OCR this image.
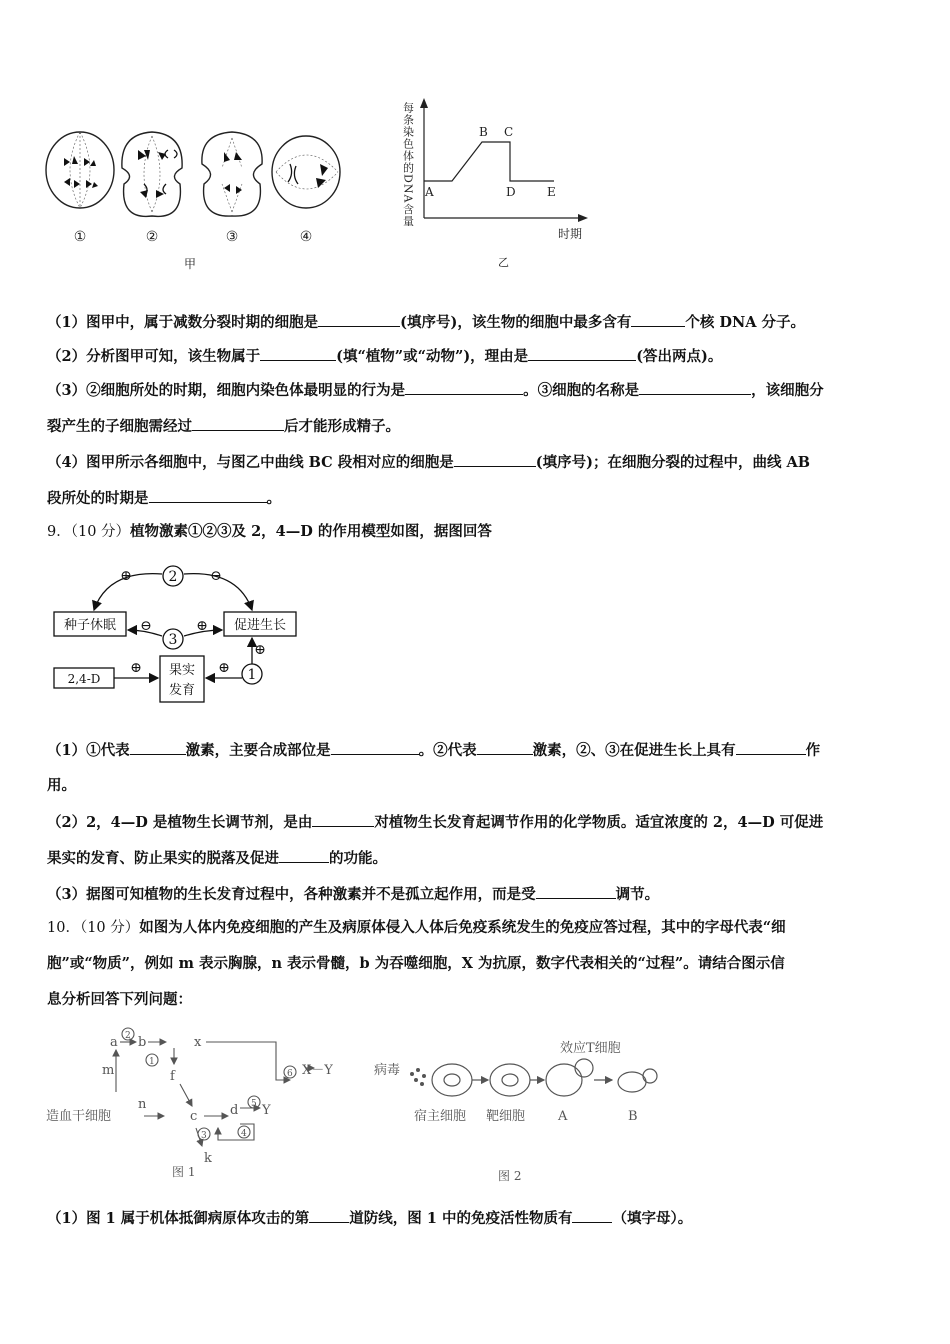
①	②	③	④
甲
每条染色体的DNA含量 A
B C
D	E
时期
乙
（1）图甲中，属于减数分裂时期的细胞是	(填序号)，该生物的细胞中最多含有	个核 DNA 分子。
（2）分析图甲可知，该生物属于	(填“植物”或“动物”)，理由是	(答出两点)。
（3）②细胞所处的时期，细胞内染色体最明显的行为是	。③细胞的名称是	，该细胞分
裂产生的子细胞需经过	后才能形成精子。
（4）图甲所示各细胞中，与图乙中曲线 BC 段相对应的细胞是	(填序号)；在细胞分裂的过程中，曲线 AB
段所处的时期是	。
9．（10 分）植物激素①②③及 2，4—D 的作用模型如图，据图回答
⊕	⊖
⊖	⊕
⊕	⊕
⊕
2
3
1
种子休眠	促进生长
2,4-D
果实
发育
（1）①代表	激素，主要合成部位是	。②代表	激素，②、③在促进生长上具有	作
用。
（2）2，4—D 是植物生长调节剂，是由	对植物生长发育起调节作用的化学物质。适宜浓度的 2，4—D 可促进
果实的发育、防止果实的脱落及促进	的功能。
（3）据图可知植物的生长发育过程中，各种激素并不是孤立起作用，而是受	调节。
10．（10 分）如图为人体内免疫细胞的产生及病原体侵入人体后免疫系统发生的免疫应答过程，其中的字母代表“细
胞”或“物质”，例如 m 表示胸腺，n 表示骨髓，b 为吞噬细胞，X 为抗原，数字代表相关的“过程”。请结合图示信
息分析回答下列问题：
a b	x
f
c	d Y
k
m
n
X－Y
造血干细胞
1
2
3	4
5
6
图 1
病毒
宿主细胞 靶细胞
效应T细胞
A	B
图 2
（1）图 1 属于机体抵御病原体攻击的第	道防线，图 1 中的免疫活性物质有	（填字母）。
